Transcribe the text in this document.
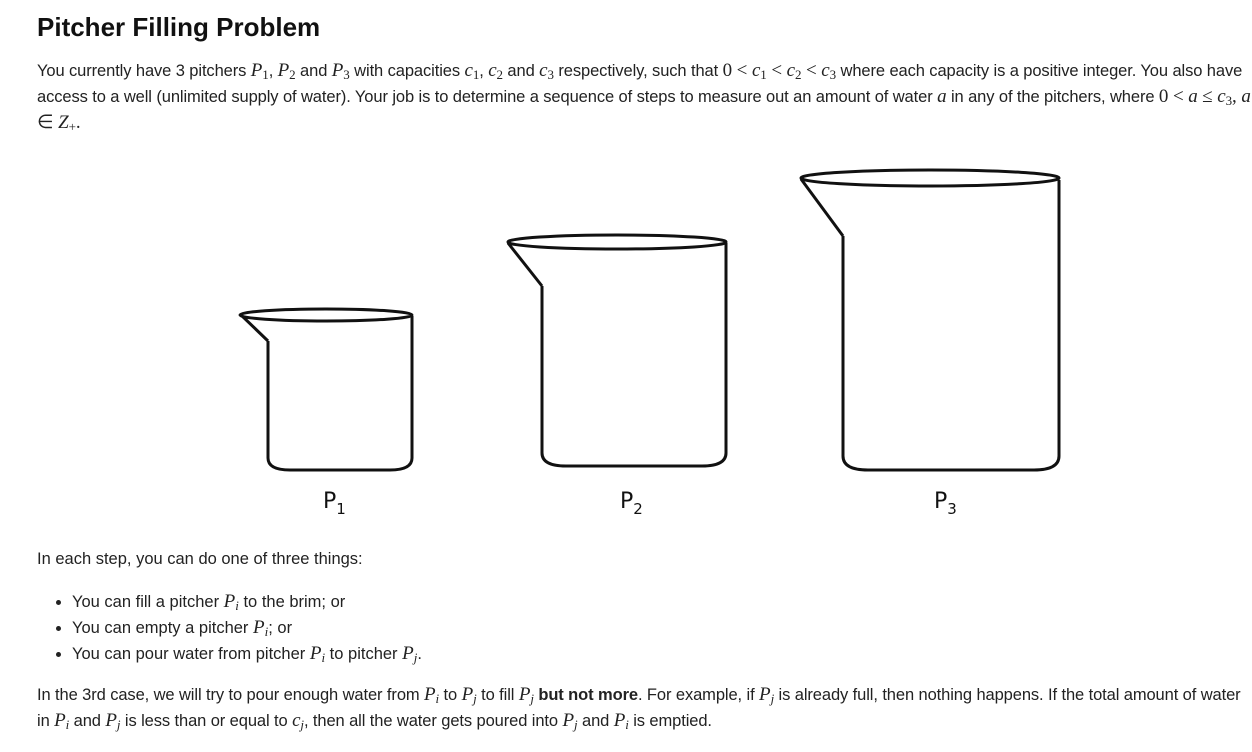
Pitcher Filling Problem

You currently have 3 pitchers $P_1$, $P_2$ and $P_3$ with capacities $c_1$, $c_2$ and $c_3$ respectively, such that $0 < c_1 < c_2 < c_3$ where each capacity is a positive integer. You also have access to a well (unlimited supply of water). Your job is to determine a sequence of steps to measure out an amount of water a in any of the pitchers, where $0 < a \le c_3$, a ∈ $Z_+$.

In each step, you can do one of three things:

• You can fill a pitcher $P_i$ to the brim; or
• You can empty a pitcher $P_i$; or
• You can pour water from pitcher $P_i$ to pitcher $P_j$.

In the 3rd case, we will try to pour enough water from $P_i$ to $P_j$ to fill $P_j$ but not more. For example, if $P_j$ is already full, then nothing happens. If the total amount of water in $P_i$ and $P_j$ is less than or equal to $c_j$, then all the water gets poured into $P_j$ and $P_i$ is emptied.

$P_1$	$P_2$	$P_3$
